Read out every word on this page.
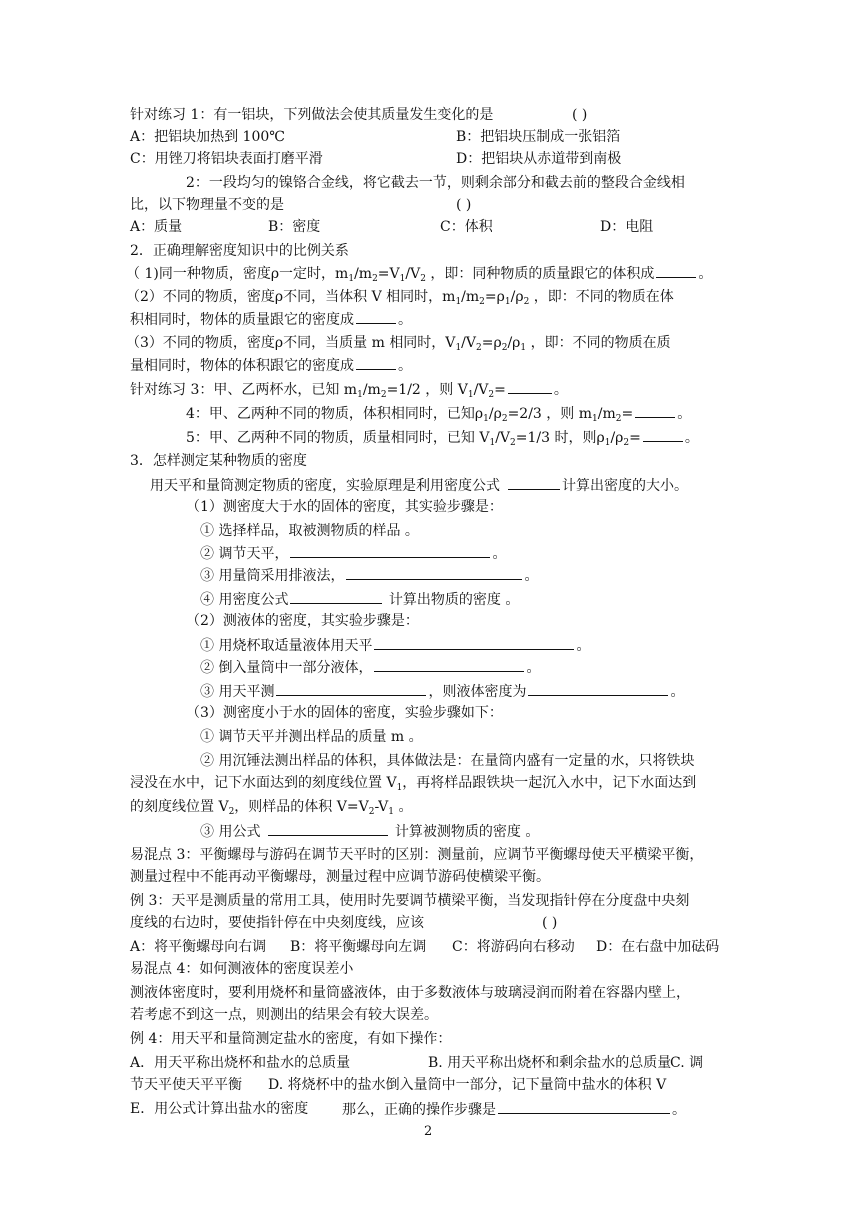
针对练习 1：有一铝块，下列做法会使其质量发生变化的是	( )
A：把铝块加热到 100℃	B：把铝块压制成一张铝箔
C：用锉刀将铝块表面打磨平滑	D：把铝块从赤道带到南极
2：一段均匀的镍铬合金线，将它截去一节，则剩余部分和截去前的整段合金线相
比，以下物理量不变的是	( )
A：质量	B：密度	C：体积	D：电阻
2．正确理解密度知识中的比例关系
（ 1)同一种物质，密度ρ一定时，$m_1/m_2=V_1/V_2$ ，即：同种物质的质量跟它的体积成	。
（2）不同的物质，密度ρ不同，当体积 V 相同时，$m_1/m_2=\rho_1/\rho_2$ ，即：不同的物质在体
积相同时，物体的质量跟它的密度成	。
（3）不同的物质，密度ρ不同，当质量 m 相同时，$V_1/V_2=\rho_2/\rho_1$ ，即：不同的物质在质
量相同时，物体的体积跟它的密度成	。
针对练习 3：甲、乙两杯水，已知 $m_1/m_2=1/2$ ，则 $V_1/V_2=$	。
4：甲、乙两种不同的物质，体积相同时，已知$\rho_1/\rho_2=2/3$ ，则 $m_1/m_2=$	。
5：甲、乙两种不同的物质，质量相同时，已知 $V_1/V_2=1/3$ 时，则$\rho_1/\rho_2=$	。
3．怎样测定某种物质的密度
用天平和量筒测定物质的密度，实验原理是利用密度公式	计算出密度的大小。
（1）测密度大于水的固体的密度，其实验步骤是：
① 选择样品，取被测物质的样品 。
② 调节天平，	。
③ 用量筒采用排液法，	。
④ 用密度公式	计算出物质的密度 。
（2）测液体的密度，其实验步骤是：
① 用烧杯取适量液体用天平	。
② 倒入量筒中一部分液体，	。
③ 用天平测	，则液体密度为	。
（3）测密度小于水的固体的密度，实验步骤如下：
① 调节天平并测出样品的质量 m 。
② 用沉锤法测出样品的体积，具体做法是：在量筒内盛有一定量的水，只将铁块
浸没在水中，记下水面达到的刻度线位置 $V_1$，再将样品跟铁块一起沉入水中，记下水面达到
的刻度线位置 $V_2$，则样品的体积 $V=V_2-V_1$ 。
③ 用公式	计算被测物质的密度 。
易混点 3：平衡螺母与游码在调节天平时的区别：测量前，应调节平衡螺母使天平横梁平衡，
测量过程中不能再动平衡螺母，测量过程中应调节游码使横梁平衡。
例 3：天平是测质量的常用工具，使用时先要调节横梁平衡，当发现指针停在分度盘中央刻
度线的右边时，要使指针停在中央刻度线，应该	( )
A：将平衡螺母向右调 B：将平衡螺母向左调 C：将游码向右移动 D：在右盘中加砝码
易混点 4：如何测液体的密度误差小
测液体密度时，要利用烧杯和量筒盛液体，由于多数液体与玻璃浸润而附着在容器内壁上，
若考虑不到这一点，则测出的结果会有较大误差。
例 4：用天平和量筒测定盐水的密度，有如下操作：
A．用天平称出烧杯和盐水的总质量	B. 用天平称出烧杯和剩余盐水的总质量
C. 调
节天平使天平平衡 D. 将烧杯中的盐水倒入量筒中一部分，记下量筒中盐水的体积 V
E．用公式计算出盐水的密度 那么，正确的操作步骤是	。
2
